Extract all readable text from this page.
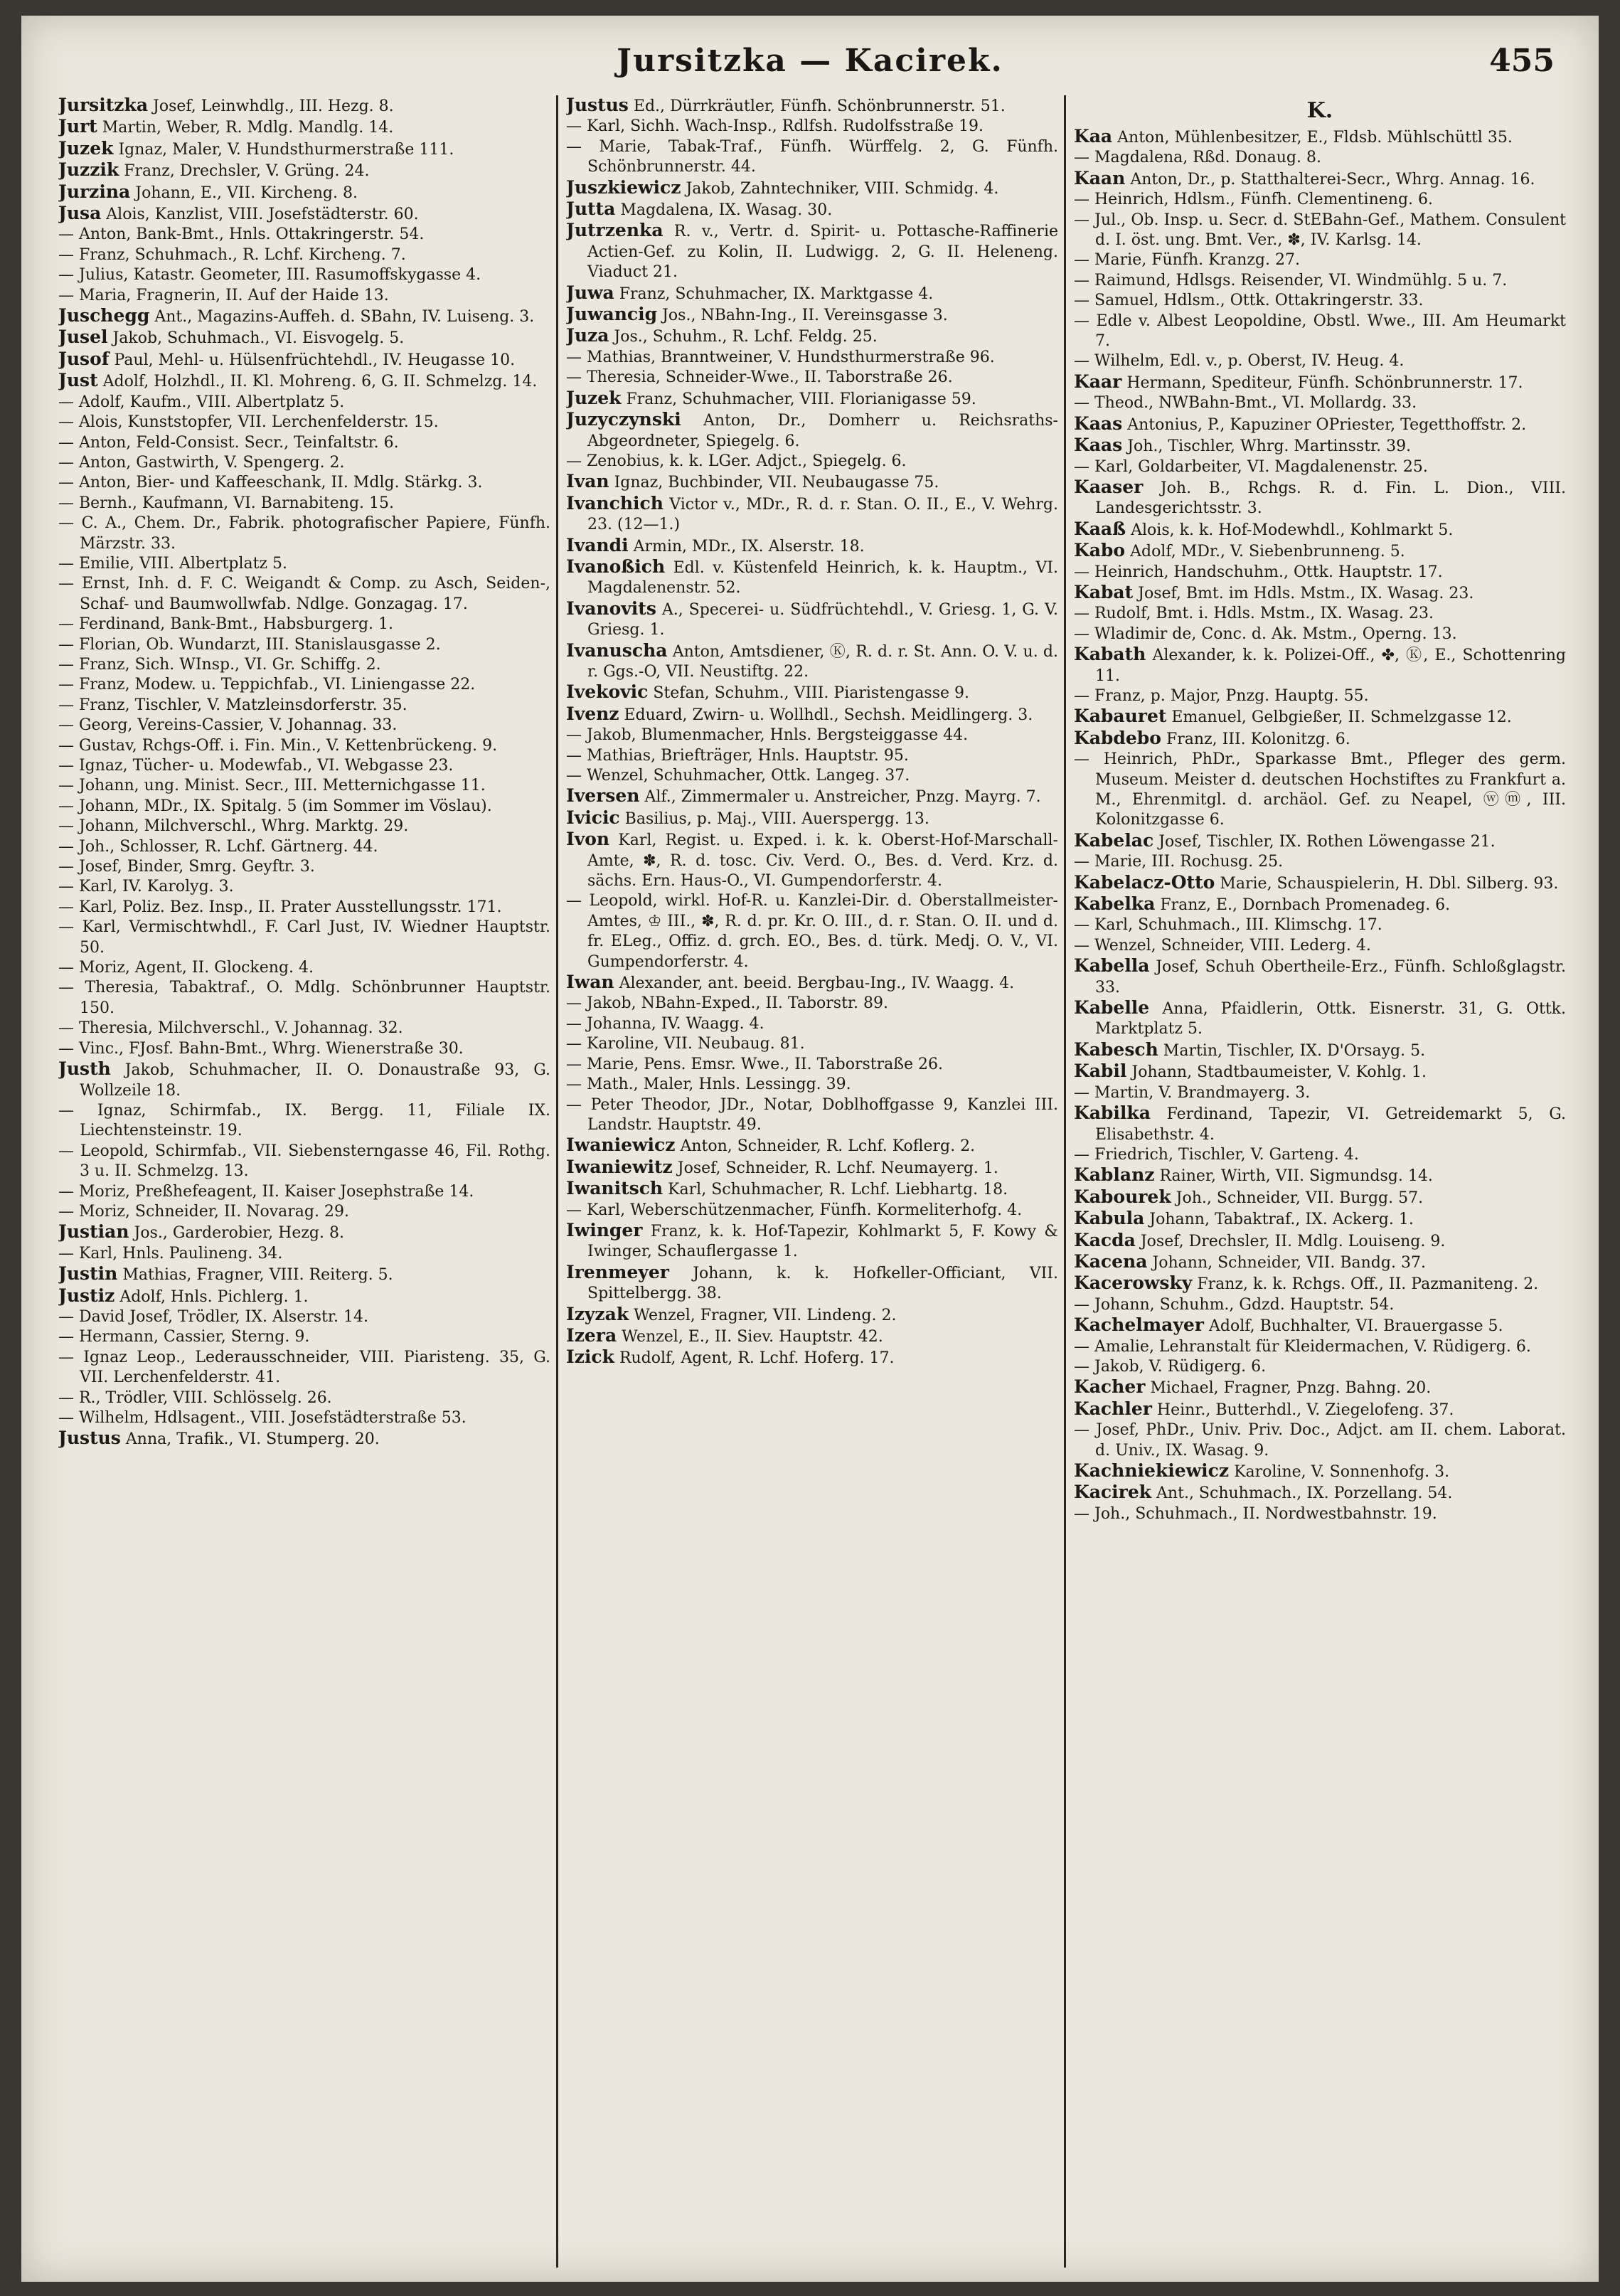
Jursitzka — Kacirek.	455
Jursitzka Josef, Leinwhdlg., III. Hezg. 8.
Jurt Martin, Weber, R. Mdlg. Mandlg. 14.
Juzek Ignaz, Maler, V. Hundsthurmerstraße 111.
Juzzik Franz, Drechsler, V. Grüng. 24.
Jurzina Johann, E., VII. Kircheng. 8.
Jusa Alois, Kanzlist, VIII. Josefstädterstr. 60.
— Anton, Bank-Bmt., Hnls. Ottakringerstr. 54.
— Franz, Schuhmach., R. Lchf. Kircheng. 7.
— Julius, Katastr. Geometer, III. Rasumoffskygasse 4.
— Maria, Fragnerin, II. Auf der Haide 13.
Juschegg Ant., Magazins-Auffeh. d. SBahn, IV. Luiseng. 3.
Jusel Jakob, Schuhmach., VI. Eisvogelg. 5.
Jusof Paul, Mehl- u. Hülsenfrüchtehdl., IV. Heugasse 10.
Just Adolf, Holzhdl., II. Kl. Mohreng. 6, G. II. Schmelzg. 14.
— Adolf, Kaufm., VIII. Albertplatz 5.
— Alois, Kunststopfer, VII. Lerchenfelderstr. 15.
— Anton, Feld-Consist. Secr., Teinfaltstr. 6.
— Anton, Gastwirth, V. Spengerg. 2.
— Anton, Bier- und Kaffeeschank, II. Mdlg. Stärkg. 3.
— Bernh., Kaufmann, VI. Barnabiteng. 15.
— C. A., Chem. Dr., Fabrik. photografischer Papiere, Fünfh. Märzstr. 33.
— Emilie, VIII. Albertplatz 5.
— Ernst, Inh. d. F. C. Weigandt & Comp. zu Asch, Seiden-, Schaf- und Baumwollwfab. Ndlge. Gonzagag. 17.
— Ferdinand, Bank-Bmt., Habsburgerg. 1.
— Florian, Ob. Wundarzt, III. Stanislausgasse 2.
— Franz, Sich. WInsp., VI. Gr. Schiffg. 2.
— Franz, Modew. u. Teppichfab., VI. Liniengasse 22.
— Franz, Tischler, V. Matzleinsdorferstr. 35.
— Georg, Vereins-Cassier, V. Johannag. 33.
— Gustav, Rchgs-Off. i. Fin. Min., V. Kettenbrückeng. 9.
— Ignaz, Tücher- u. Modewfab., VI. Webgasse 23.
— Johann, ung. Minist. Secr., III. Metternichgasse 11.
— Johann, MDr., IX. Spitalg. 5 (im Sommer im Vöslau).
— Johann, Milchverschl., Whrg. Marktg. 29.
— Joh., Schlosser, R. Lchf. Gärtnerg. 44.
— Josef, Binder, Smrg. Geyftr. 3.
— Karl, IV. Karolyg. 3.
— Karl, Poliz. Bez. Insp., II. Prater Ausstellungsstr. 171.
— Karl, Vermischtwhdl., F. Carl Just, IV. Wiedner Hauptstr. 50.
— Moriz, Agent, II. Glockeng. 4.
— Theresia, Tabaktraf., O. Mdlg. Schönbrunner Hauptstr. 150.
— Theresia, Milchverschl., V. Johannag. 32.
— Vinc., FJosf. Bahn-Bmt., Whrg. Wienerstraße 30.
Justh Jakob, Schuhmacher, II. O. Donaustraße 93, G. Wollzeile 18.
— Ignaz, Schirmfab., IX. Bergg. 11, Filiale IX. Liechtensteinstr. 19.
— Leopold, Schirmfab., VII. Siebensterngasse 46, Fil. Rothg. 3 u. II. Schmelzg. 13.
— Moriz, Preßhefeagent, II. Kaiser Josephstraße 14.
— Moriz, Schneider, II. Novarag. 29.
Justian Jos., Garderobier, Hezg. 8.
— Karl, Hnls. Paulineng. 34.
Justin Mathias, Fragner, VIII. Reiterg. 5.
Justiz Adolf, Hnls. Pichlerg. 1.
— David Josef, Trödler, IX. Alserstr. 14.
— Hermann, Cassier, Sterng. 9.
— Ignaz Leop., Lederausschneider, VIII. Piaristeng. 35, G. VII. Lerchenfelderstr. 41.
— R., Trödler, VIII. Schlösselg. 26.
— Wilhelm, Hdlsagent., VIII. Josefstädterstraße 53.
Justus Anna, Trafik., VI. Stumperg. 20.
Justus Ed., Dürrkräutler, Fünfh. Schönbrunnerstr. 51.
— Karl, Sichh. Wach-Insp., Rdlfsh. Rudolfsstraße 19.
— Marie, Tabak-Traf., Fünfh. Würffelg. 2, G. Fünfh. Schönbrunnerstr. 44.
Juszkiewicz Jakob, Zahntechniker, VIII. Schmidg. 4.
Jutta Magdalena, IX. Wasag. 30.
Jutrzenka R. v., Vertr. d. Spirit- u. Pottasche-Raffinerie Actien-Gef. zu Kolin, II. Ludwigg. 2, G. II. Heleneng. Viaduct 21.
Juwa Franz, Schuhmacher, IX. Marktgasse 4.
Juwancig Jos., NBahn-Ing., II. Vereinsgasse 3.
Juza Jos., Schuhm., R. Lchf. Feldg. 25.
— Mathias, Branntweiner, V. Hundsthurmerstraße 96.
— Theresia, Schneider-Wwe., II. Taborstraße 26.
Juzek Franz, Schuhmacher, VIII. Florianigasse 59.
Juzyczynski Anton, Dr., Domherr u. Reichsraths-Abgeordneter, Spiegelg. 6.
— Zenobius, k. k. LGer. Adjct., Spiegelg. 6.
Ivan Ignaz, Buchbinder, VII. Neubaugasse 75.
Ivanchich Victor v., MDr., R. d. r. Stan. O. II., E., V. Wehrg. 23. (12—1.)
Ivandi Armin, MDr., IX. Alserstr. 18.
Ivanoßich Edl. v. Küstenfeld Heinrich, k. k. Hauptm., VI. Magdalenenstr. 52.
Ivanovits A., Specerei- u. Südfrüchtehdl., V. Griesg. 1, G. V. Griesg. 1.
Ivanuscha Anton, Amtsdiener, Ⓚ, R. d. r. St. Ann. O. V. u. d. r. Ggs.-O, VII. Neustiftg. 22.
Ivekovic Stefan, Schuhm., VIII. Piaristengasse 9.
Ivenz Eduard, Zwirn- u. Wollhdl., Sechsh. Meidlingerg. 3.
— Jakob, Blumenmacher, Hnls. Bergsteiggasse 44.
— Mathias, Briefträger, Hnls. Hauptstr. 95.
— Wenzel, Schuhmacher, Ottk. Langeg. 37.
Iversen Alf., Zimmermaler u. Anstreicher, Pnzg. Mayrg. 7.
Ivicic Basilius, p. Maj., VIII. Auerspergg. 13.
Ivon Karl, Regist. u. Exped. i. k. k. Oberst-Hof-Marschall-Amte, ✽, R. d. tosc. Civ. Verd. O., Bes. d. Verd. Krz. d. sächs. Ern. Haus-O., VI. Gumpendorferstr. 4.
— Leopold, wirkl. Hof-R. u. Kanzlei-Dir. d. Oberstallmeister-Amtes, ♔ III., ✽, R. d. pr. Kr. O. III., d. r. Stan. O. II. und d. fr. ELeg., Offiz. d. grch. EO., Bes. d. türk. Medj. O. V., VI. Gumpendorferstr. 4.
Iwan Alexander, ant. beeid. Bergbau-Ing., IV. Waagg. 4.
— Jakob, NBahn-Exped., II. Taborstr. 89.
— Johanna, IV. Waagg. 4.
— Karoline, VII. Neubaug. 81.
— Marie, Pens. Emsr. Wwe., II. Taborstraße 26.
— Math., Maler, Hnls. Lessingg. 39.
— Peter Theodor, JDr., Notar, Doblhoffgasse 9, Kanzlei III. Landstr. Hauptstr. 49.
Iwaniewicz Anton, Schneider, R. Lchf. Koflerg. 2.
Iwaniewitz Josef, Schneider, R. Lchf. Neumayerg. 1.
Iwanitsch Karl, Schuhmacher, R. Lchf. Liebhartg. 18.
— Karl, Weberschützenmacher, Fünfh. Kormeliterhofg. 4.
Iwinger Franz, k. k. Hof-Tapezir, Kohlmarkt 5, F. Kowy & Iwinger, Schauflergasse 1.
Irenmeyer Johann, k. k. Hofkeller-Officiant, VII. Spittelbergg. 38.
Izyzak Wenzel, Fragner, VII. Lindeng. 2.
Izera Wenzel, E., II. Siev. Hauptstr. 42.
Izick Rudolf, Agent, R. Lchf. Hoferg. 17.
K.
Kaa Anton, Mühlenbesitzer, E., Fldsb. Mühlschüttl 35.
— Magdalena, Rßd. Donaug. 8.
Kaan Anton, Dr., p. Statthalterei-Secr., Whrg. Annag. 16.
— Heinrich, Hdlsm., Fünfh. Clementineng. 6.
— Jul., Ob. Insp. u. Secr. d. StEBahn-Gef., Mathem. Consulent d. I. öst. ung. Bmt. Ver., ✽, IV. Karlsg. 14.
— Marie, Fünfh. Kranzg. 27.
— Raimund, Hdlsgs. Reisender, VI. Windmühlg. 5 u. 7.
— Samuel, Hdlsm., Ottk. Ottakringerstr. 33.
— Edle v. Albest Leopoldine, Obstl. Wwe., III. Am Heumarkt 7.
— Wilhelm, Edl. v., p. Oberst, IV. Heug. 4.
Kaar Hermann, Spediteur, Fünfh. Schönbrunnerstr. 17.
— Theod., NWBahn-Bmt., VI. Mollardg. 33.
Kaas Antonius, P., Kapuziner OPriester, Tegetthoffstr. 2.
Kaas Joh., Tischler, Whrg. Martinsstr. 39.
— Karl, Goldarbeiter, VI. Magdalenenstr. 25.
Kaaser Joh. B., Rchgs. R. d. Fin. L. Dion., VIII. Landesgerichtsstr. 3.
Kaaß Alois, k. k. Hof-Modewhdl., Kohlmarkt 5.
Kabo Adolf, MDr., V. Siebenbrunneng. 5.
— Heinrich, Handschuhm., Ottk. Hauptstr. 17.
Kabat Josef, Bmt. im Hdls. Mstm., IX. Wasag. 23.
— Rudolf, Bmt. i. Hdls. Mstm., IX. Wasag. 23.
— Wladimir de, Conc. d. Ak. Mstm., Operng. 13.
Kabath Alexander, k. k. Polizei-Off., ✤, Ⓚ, E., Schottenring 11.
— Franz, p. Major, Pnzg. Hauptg. 55.
Kabauret Emanuel, Gelbgießer, II. Schmelzgasse 12.
Kabdebo Franz, III. Kolonitzg. 6.
— Heinrich, PhDr., Sparkasse Bmt., Pfleger des germ. Museum. Meister d. deutschen Hochstiftes zu Frankfurt a. M., Ehrenmitgl. d. archäol. Gef. zu Neapel, ⓦⓜ, III. Kolonitzgasse 6.
Kabelac Josef, Tischler, IX. Rothen Löwengasse 21.
— Marie, III. Rochusg. 25.
Kabelacz-Otto Marie, Schauspielerin, H. Dbl. Silberg. 93.
Kabelka Franz, E., Dornbach Promenadeg. 6.
— Karl, Schuhmach., III. Klimschg. 17.
— Wenzel, Schneider, VIII. Lederg. 4.
Kabella Josef, Schuh Obertheile-Erz., Fünfh. Schloßglagstr. 33.
Kabelle Anna, Pfaidlerin, Ottk. Eisnerstr. 31, G. Ottk. Marktplatz 5.
Kabesch Martin, Tischler, IX. D'Orsayg. 5.
Kabil Johann, Stadtbaumeister, V. Kohlg. 1.
— Martin, V. Brandmayerg. 3.
Kabilka Ferdinand, Tapezir, VI. Getreidemarkt 5, G. Elisabethstr. 4.
— Friedrich, Tischler, V. Garteng. 4.
Kablanz Rainer, Wirth, VII. Sigmundsg. 14.
Kabourek Joh., Schneider, VII. Burgg. 57.
Kabula Johann, Tabaktraf., IX. Ackerg. 1.
Kacda Josef, Drechsler, II. Mdlg. Louiseng. 9.
Kacena Johann, Schneider, VII. Bandg. 37.
Kacerowsky Franz, k. k. Rchgs. Off., II. Pazmaniteng. 2.
— Johann, Schuhm., Gdzd. Hauptstr. 54.
Kachelmayer Adolf, Buchhalter, VI. Brauergasse 5.
— Amalie, Lehranstalt für Kleidermachen, V. Rüdigerg. 6.
— Jakob, V. Rüdigerg. 6.
Kacher Michael, Fragner, Pnzg. Bahng. 20.
Kachler Heinr., Butterhdl., V. Ziegelofeng. 37.
— Josef, PhDr., Univ. Priv. Doc., Adjct. am II. chem. Laborat. d. Univ., IX. Wasag. 9.
Kachniekiewicz Karoline, V. Sonnenhofg. 3.
Kacirek Ant., Schuhmach., IX. Porzellang. 54.
— Joh., Schuhmach., II. Nordwestbahnstr. 19.
